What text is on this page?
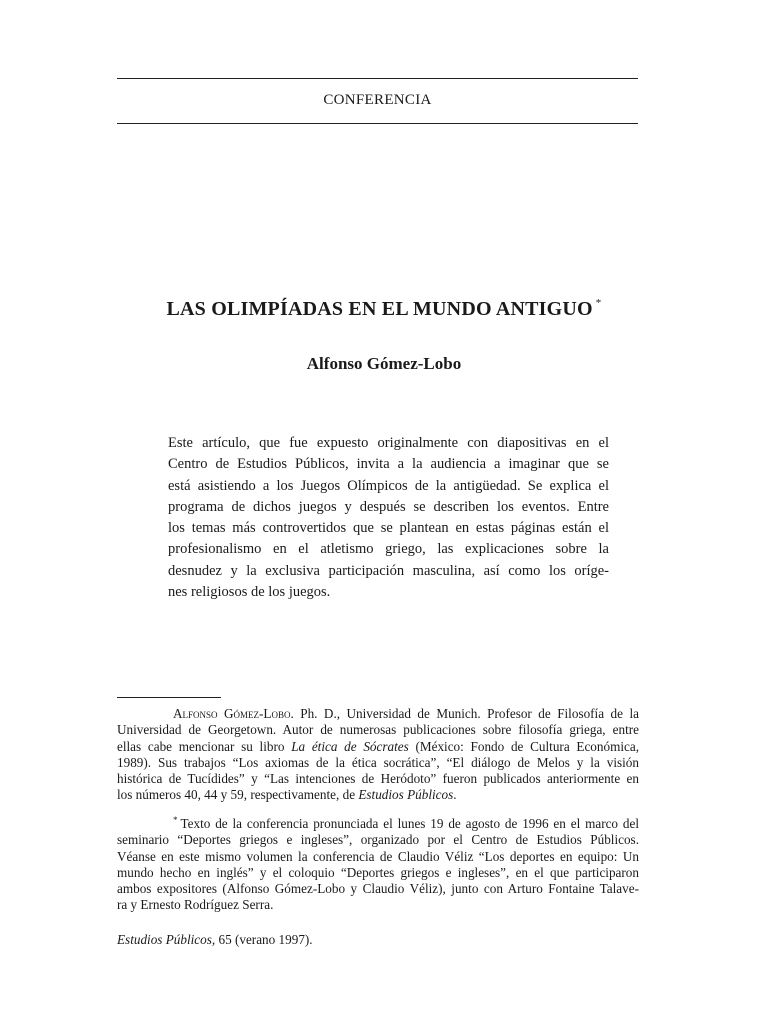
CONFERENCIA
LAS OLIMPÍADAS EN EL MUNDO ANTIGUO *
Alfonso Gómez-Lobo
Este artículo, que fue expuesto originalmente con diapositivas en el
Centro de Estudios Públicos, invita a la audiencia a imaginar que se
está asistiendo a los Juegos Olímpicos de la antigüedad. Se explica el
programa de dichos juegos y después se describen los eventos. Entre
los temas más controvertidos que se plantean en estas páginas están el
profesionalismo en el atletismo griego, las explicaciones sobre la
desnudez y la exclusiva participación masculina, así como los oríge-
nes religiosos de los juegos.
Alfonso Gómez-Lobo. Ph. D., Universidad de Munich. Profesor de Filosofía de la
Universidad de Georgetown. Autor de numerosas publicaciones sobre filosofía griega, entre
ellas cabe mencionar su libro La ética de Sócrates (México: Fondo de Cultura Económica,
1989). Sus trabajos “Los axiomas de la ética socrática”, “El diálogo de Melos y la visión
histórica de Tucídides” y “Las intenciones de Heródoto” fueron publicados anteriormente en
los números 40, 44 y 59, respectivamente, de Estudios Públicos.
* Texto de la conferencia pronunciada el lunes 19 de agosto de 1996 en el marco del
seminario “Deportes griegos e ingleses”, organizado por el Centro de Estudios Públicos.
Véanse en este mismo volumen la conferencia de Claudio Véliz “Los deportes en equipo: Un
mundo hecho en inglés” y el coloquio “Deportes griegos e ingleses”, en el que participaron
ambos expositores (Alfonso Gómez-Lobo y Claudio Véliz), junto con Arturo Fontaine Talave-
ra y Ernesto Rodríguez Serra.
Estudios Públicos, 65 (verano 1997).
